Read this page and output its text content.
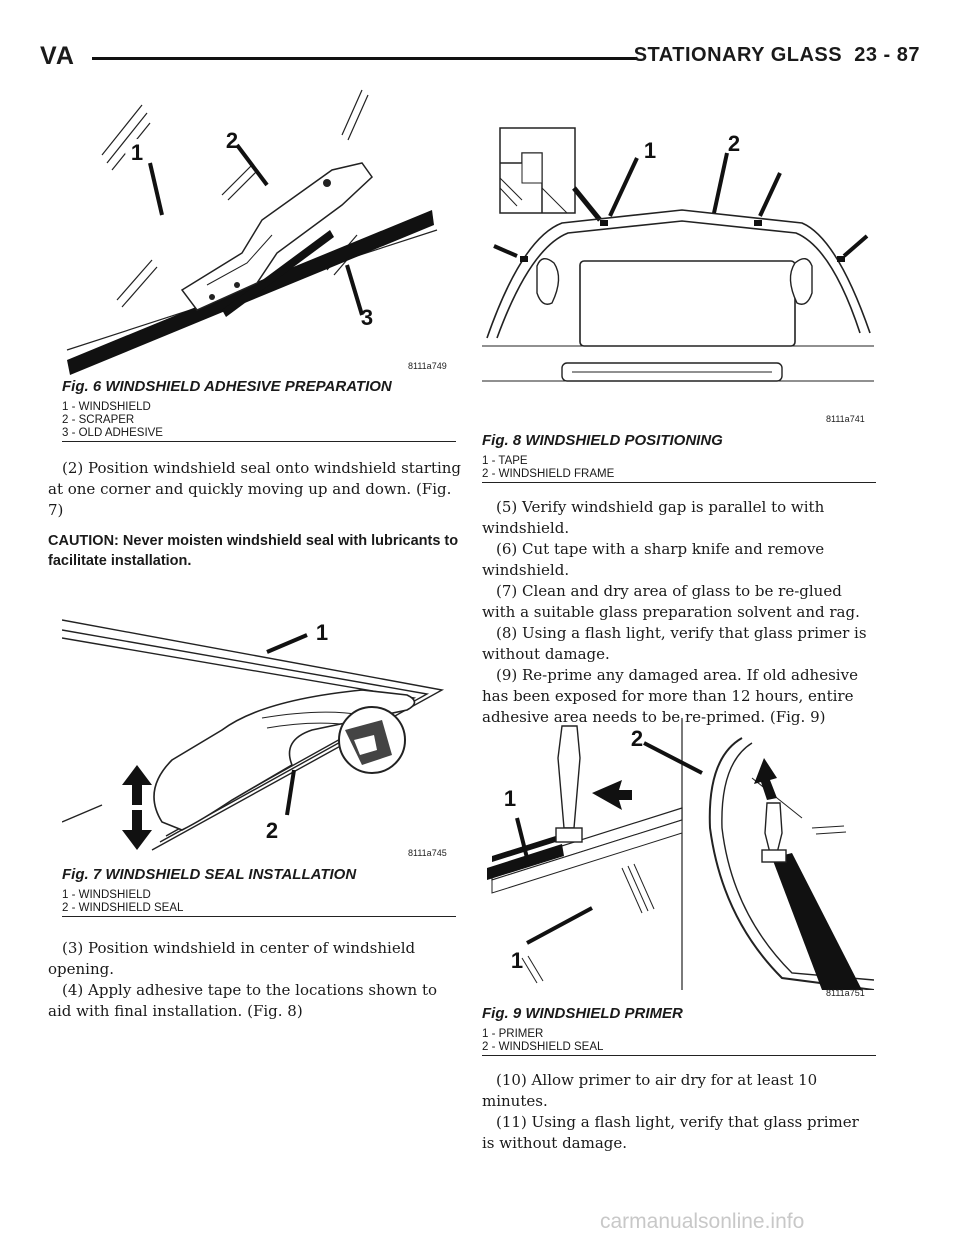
VA	STATIONARY GLASS 23 - 87
1	2
3
8111a749
Fig. 6 WINDSHIELD ADHESIVE PREPARATION
1 - WINDSHIELD
2 - SCRAPER
3 - OLD ADHESIVE

(2) Position windshield seal onto windshield starting at one corner and quickly moving up and down. (Fig. 7)

CAUTION: Never moisten windshield seal with lubricants to facilitate installation.

1
2
8111a745
Fig. 7 WINDSHIELD SEAL INSTALLATION
1 - WINDSHIELD
2 - WINDSHIELD SEAL

(3) Position windshield in center of windshield opening.

(4) Apply adhesive tape to the locations shown to aid with final installation. (Fig. 8)

1	2
8111a741
Fig. 8 WINDSHIELD POSITIONING
1 - TAPE
2 - WINDSHIELD FRAME

(5) Verify windshield gap is parallel to with windshield.

(6) Cut tape with a sharp knife and remove windshield.

(7) Clean and dry area of glass to be re-glued with a suitable glass preparation solvent and rag.

(8) Using a flash light, verify that glass primer is without damage.

(9) Re-prime any damaged area. If old adhesive has been exposed for more than 12 hours, entire adhesive area needs to be re-primed. (Fig. 9)

1
2
1
8111a751
Fig. 9 WINDSHIELD PRIMER
1 - PRIMER
2 - WINDSHIELD SEAL

(10) Allow primer to air dry for at least 10 minutes.

(11) Using a flash light, verify that glass primer is without damage.

carmanualsonline.info
